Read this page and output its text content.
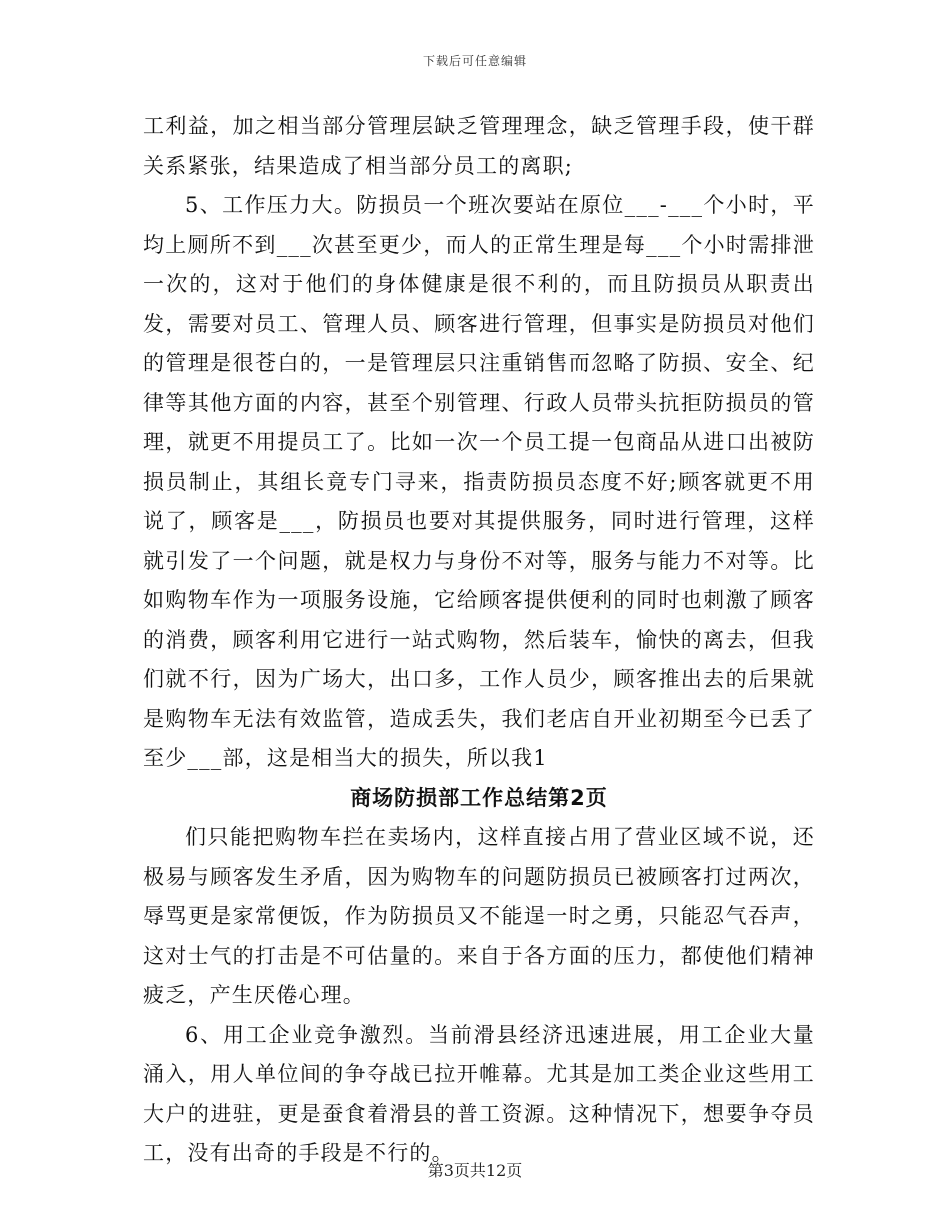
下载后可任意编辑

工利益，加之相当部分管理层缺乏管理理念，缺乏管理手段，使干群关系紧张，结果造成了相当部分员工的离职;

5、工作压力大。防损员一个班次要站在原位___-___个小时，平均上厕所不到___次甚至更少，而人的正常生理是每___个小时需排泄一次的，这对于他们的身体健康是很不利的，而且防损员从职责出发，需要对员工、管理人员、顾客进行管理，但事实是防损员对他们的管理是很苍白的，一是管理层只注重销售而忽略了防损、安全、纪律等其他方面的内容，甚至个别管理、行政人员带头抗拒防损员的管理，就更不用提员工了。比如一次一个员工提一包商品从进口出被防损员制止，其组长竟专门寻来，指责防损员态度不好;顾客就更不用说了，顾客是___，防损员也要对其提供服务，同时进行管理，这样就引发了一个问题，就是权力与身份不对等，服务与能力不对等。比如购物车作为一项服务设施，它给顾客提供便利的同时也刺激了顾客的消费，顾客利用它进行一站式购物，然后装车，愉快的离去，但我们就不行，因为广场大，出口多，工作人员少，顾客推出去的后果就是购物车无法有效监管，造成丢失，我们老店自开业初期至今已丢了至少___部，这是相当大的损失，所以我1

商场防损部工作总结第2页

们只能把购物车拦在卖场内，这样直接占用了营业区域不说，还极易与顾客发生矛盾，因为购物车的问题防损员已被顾客打过两次，辱骂更是家常便饭，作为防损员又不能逞一时之勇，只能忍气吞声，这对士气的打击是不可估量的。来自于各方面的压力，都使他们精神疲乏，产生厌倦心理。

6、用工企业竞争激烈。当前滑县经济迅速进展，用工企业大量涌入，用人单位间的争夺战已拉开帷幕。尤其是加工类企业这些用工大户的进驻，更是蚕食着滑县的普工资源。这种情况下，想要争夺员工，没有出奇的手段是不行的。

第3页共12页
